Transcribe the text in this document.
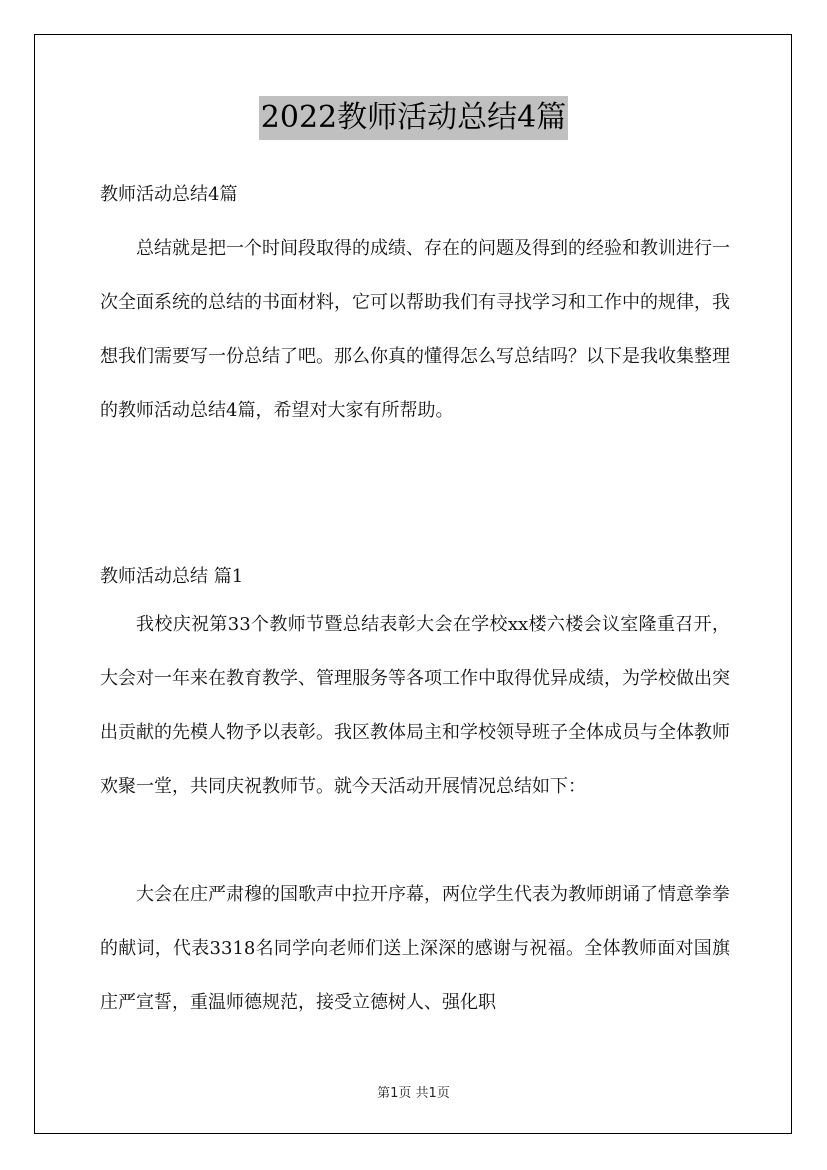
2022教师活动总结4篇
教师活动总结4篇

总结就是把一个时间段取得的成绩、存在的问题及得到的经验和教训进行一次全面系统的总结的书面材料，它可以帮助我们有寻找学习和工作中的规律，我想我们需要写一份总结了吧。那么你真的懂得怎么写总结吗？以下是我收集整理的教师活动总结4篇，希望对大家有所帮助。

教师活动总结 篇1

我校庆祝第33个教师节暨总结表彰大会在学校xx楼六楼会议室隆重召开，大会对一年来在教育教学、管理服务等各项工作中取得优异成绩，为学校做出突出贡献的先模人物予以表彰。我区教体局主和学校领导班子全体成员与全体教师欢聚一堂，共同庆祝教师节。就今天活动开展情况总结如下：

大会在庄严肃穆的国歌声中拉开序幕，两位学生代表为教师朗诵了情意拳拳的献词，代表3318名同学向老师们送上深深的感谢与祝福。全体教师面对国旗庄严宣誓，重温师德规范，接受立德树人、强化职

第1页 共1页
